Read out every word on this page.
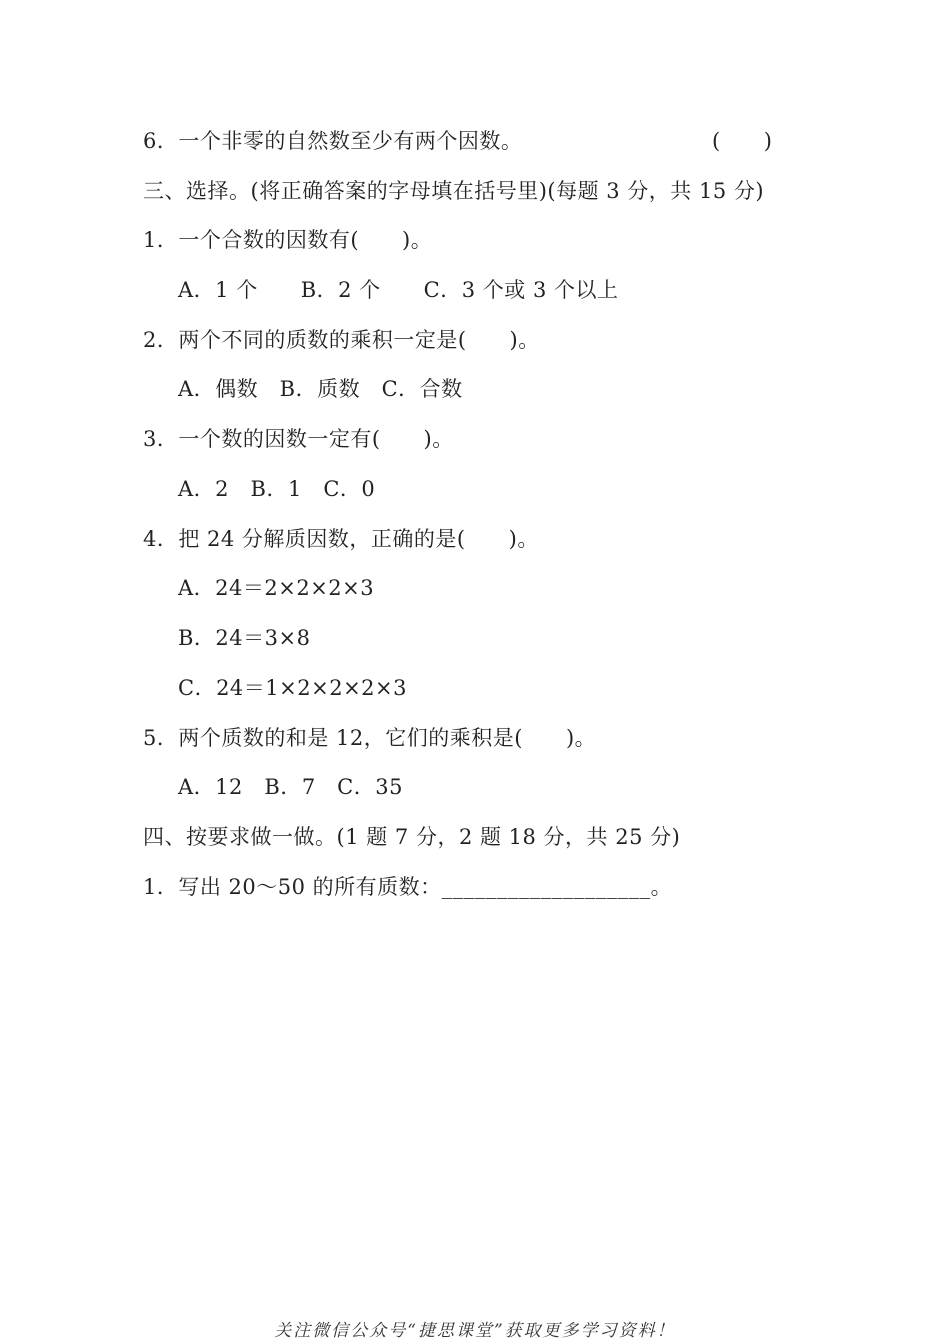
6．一个非零的自然数至少有两个因数。	(　　)
三、选择。(将正确答案的字母填在括号里)(每题 3 分，共 15 分)
1．一个合数的因数有(　　)。
A．1 个　　B．2 个　　C．3 个或 3 个以上
2．两个不同的质数的乘积一定是(　　)。
A．偶数　B．质数　C．合数
3．一个数的因数一定有(　　)。
A．2　B．1　C．0
4．把 24 分解质因数，正确的是(　　)。
A．24＝2×2×2×3
B．24＝3×8
C．24＝1×2×2×2×3
5．两个质数的和是 12，它们的乘积是(　　)。
A．12　B．7　C．35
四、按要求做一做。(1 题 7 分，2 题 18 分，共 25 分)
1．写出 20～50 的所有质数：___________________。
关注微信公众号“捷思课堂”获取更多学习资料！
